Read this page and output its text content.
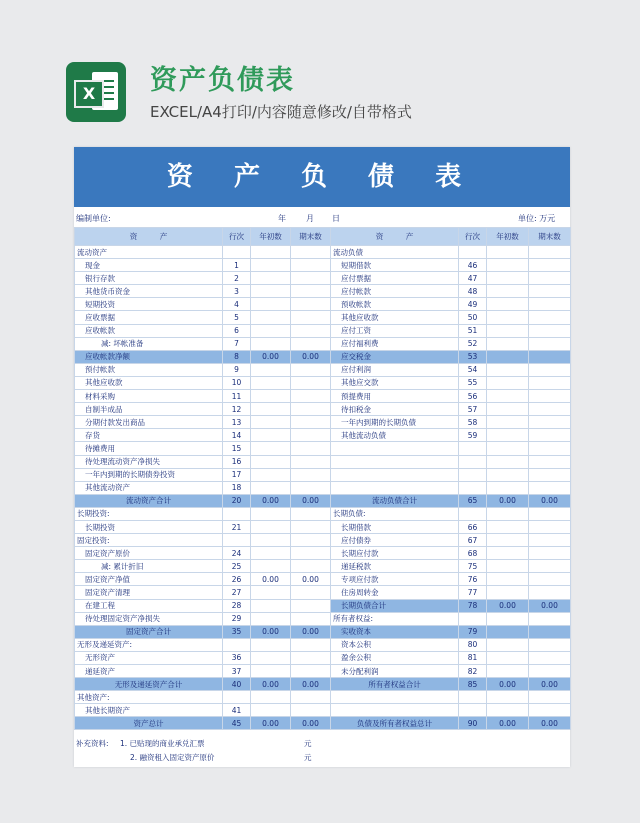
X	资产负债表
EXCEL/A4打印/内容随意修改/自带格式
资 产 负 债 表
编制单位:	年	月 日	单位: 万元
资　　　产	行次	年初数	期末数	资　　　产	行次	年初数	期末数
流动资产				流动负债			
现金	1			短期借款	46		
银行存款	2			应付票据	47		
其他货币资金	3			应付帐款	48		
短期投资	4			预收帐款	49		
应收票据	5			其他应收款	50		
应收帐款	6			应付工资	51		
减: 坏帐准备	7			应付福利费	52		
应收帐款净额	8	0.00	0.00	应交税金	53		
预付帐款	9			应付利润	54		
其他应收款	10			其他应交款	55		
材料采购	11			预提费用	56		
自制半成品	12			待扣税金	57		
分期付款发出商品	13			一年内到期的长期负债	58		
存货	14			其他流动负债	59		
待摊费用	15						
待处理流动资产净损失	16						
一年内到期的长期债券投资	17						
其他流动资产	18						
流动资产合计	20	0.00	0.00	流动负债合计	65	0.00	0.00
长期投资:				长期负债:			
长期投资	21			长期借款	66		
固定投资:				应付债券	67		
固定资产原价	24			长期应付款	68		
减: 累计折旧	25			递延税款	75		
固定资产净值	26	0.00	0.00	专项应付款	76		
固定资产清理	27			住房周转金	77		
在建工程	28			长期负债合计	78	0.00	0.00
待处理固定资产净损失	29			所有者权益:			
固定资产合计	35	0.00	0.00	实收资本	79		
无形及递延资产:				资本公积	80		
无形资产	36			盈余公积	81		
递延资产	37			未分配利润	82		
无形及递延资产合计	40	0.00	0.00	所有者权益合计	85	0.00	0.00
其他资产:							
其他长期资产	41						
资产总计	45	0.00	0.00	负债及所有者权益总计	90	0.00	0.00
补充资料: 1. 已贴现的商业承兑汇票	元
2. 融资租入固定资产原价	元
